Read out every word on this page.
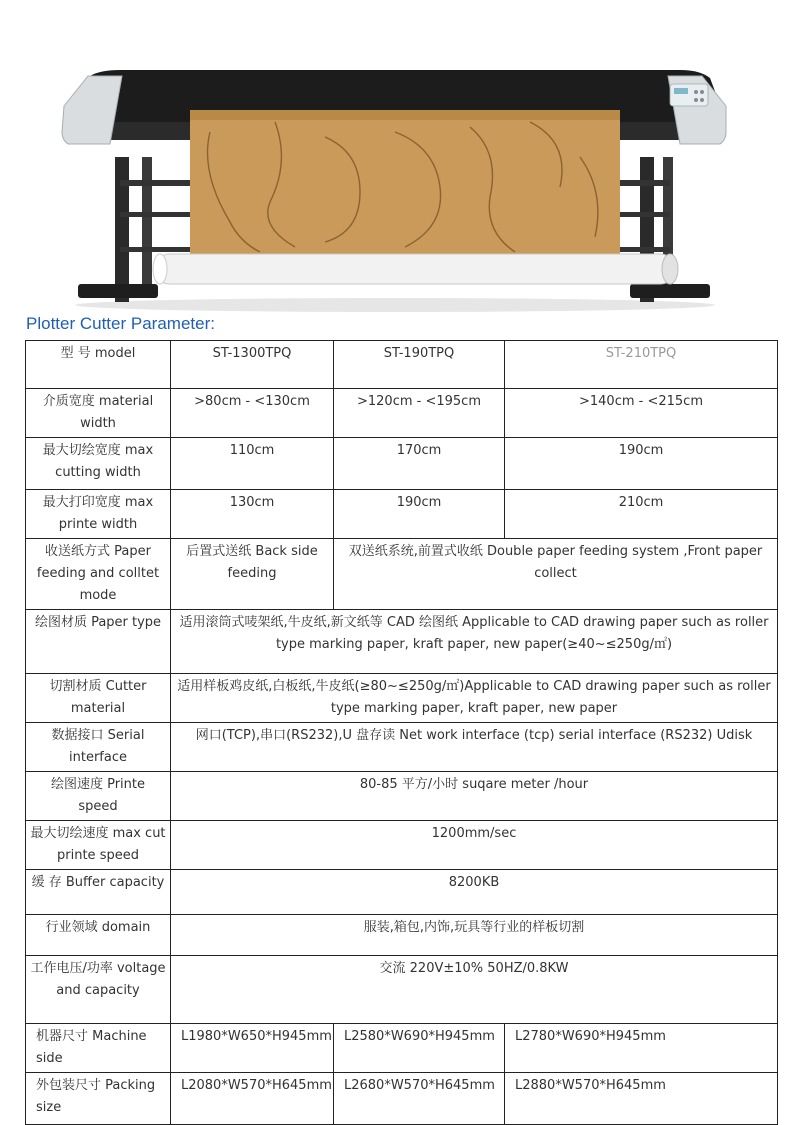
Plotter Cutter Parameter:
型 号 model	ST-1300TPQ	ST-190TPQ	ST-210TPQ
介质宽度 material width	>80cm - <130cm	>120cm - <195cm	>140cm - <215cm
最大切绘宽度 max cutting width	110cm	170cm	190cm
最大打印宽度 max printe width	130cm	190cm	210cm
收送纸方式 Paper feeding and colltet mode	后置式送纸 Back side feeding	双送纸系统,前置式收纸 Double paper feeding system ,Front paper collect	
绘图材质 Paper type	适用滚筒式唛架纸,牛皮纸,新文纸等 CAD 绘图纸 Applicable to CAD drawing paper such as roller type marking paper, kraft paper, new paper(≥40~≤250g/㎡)		
切割材质 Cutter material	适用样板鸡皮纸,白板纸,牛皮纸(≥80~≤250g/㎡)Applicable to CAD drawing paper such as roller type marking paper, kraft paper, new paper		
数据接口 Serial interface	网口(TCP),串口(RS232),U 盘存读 Net work interface (tcp) serial interface (RS232) Udisk		
绘图速度 Printe speed	80-85 平方/小时 suqare meter /hour		
最大切绘速度 max cut printe speed	1200mm/sec		
缓 存 Buffer capacity	8200KB		
行业领域 domain	服装,箱包,内饰,玩具等行业的样板切割		
工作电压/功率 voltage and capacity	交流 220V±10% 50HZ/0.8KW		
机器尺寸 Machine side	L1980*W650*H945mm	L2580*W690*H945mm	L2780*W690*H945mm
外包装尺寸 Packing size	L2080*W570*H645mm	L2680*W570*H645mm	L2880*W570*H645mm
